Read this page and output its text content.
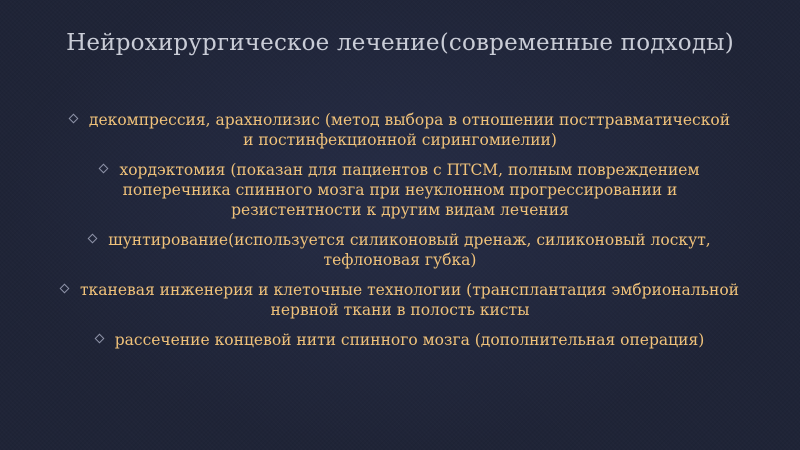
Нейрохирургическое лечение(современные подходы)
декомпрессия, арахнолизис (метод выбора в отношении посттравматической
и постинфекционной сирингомиелии)
хордэктомия (показан для пациентов с ПТСМ, полным повреждением
поперечника спинного мозга при неуклонном прогрессировании и
резистентности к другим видам лечения
шунтирование(используется силиконовый дренаж, силиконовый лоскут,
тефлоновая губка)
тканевая инженерия и клеточные технологии (трансплантация эмбриональной
нервной ткани в полость кисты
рассечение концевой нити спинного мозга (дополнительная операция)
